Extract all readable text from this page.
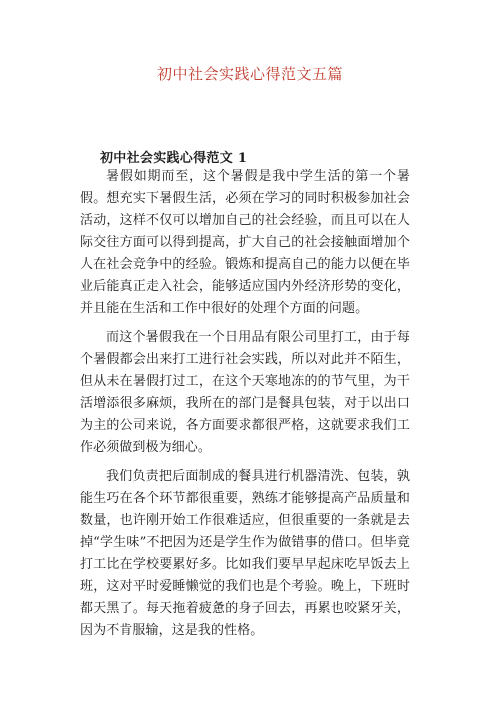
初中社会实践心得范文五篇
初中社会实践心得范文 1

暑假如期而至，这个暑假是我中学生活的第一个暑假。想充实下暑假生活，必须在学习的同时积极参加社会活动，这样不仅可以增加自己的社会经验，而且可以在人际交往方面可以得到提高，扩大自己的社会接触面增加个人在社会竞争中的经验。锻炼和提高自己的能力以便在毕业后能真正走入社会，能够适应国内外经济形势的变化，并且能在生活和工作中很好的处理个方面的问题。

而这个暑假我在一个日用品有限公司里打工，由于每个暑假都会出来打工进行社会实践，所以对此并不陌生，但从未在暑假打过工，在这个天寒地冻的的节气里，为干活增添很多麻烦，我所在的部门是餐具包装，对于以出口为主的公司来说，各方面要求都很严格，这就要求我们工作必须做到极为细心。

我们负责把后面制成的餐具进行机器清洗、包装，孰能生巧在各个环节都很重要，熟练才能够提高产品质量和数量，也许刚开始工作很难适应，但很重要的一条就是去掉“学生味”不把因为还是学生作为做错事的借口。但毕竟打工比在学校要累好多。比如我们要早早起床吃早饭去上班，这对平时爱睡懒觉的我们也是个考验。晚上，下班时都天黑了。每天拖着疲惫的身子回去，再累也咬紧牙关，因为不肯服输，这是我的性格。
